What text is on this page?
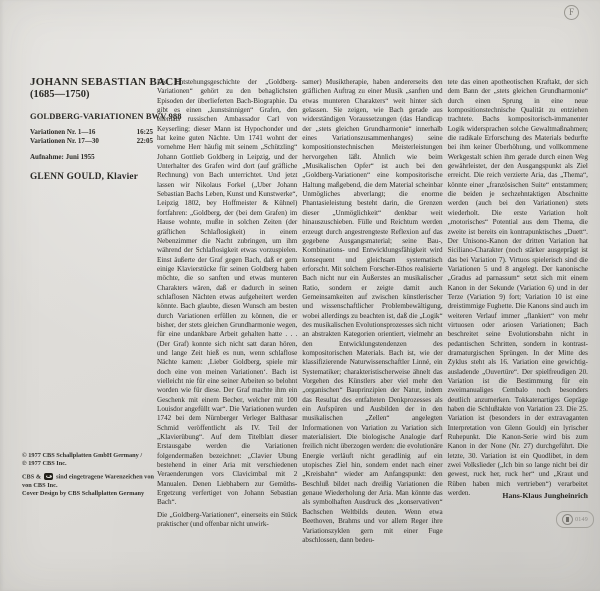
F
JOHANN SEBASTIAN BACH
(1685—1750)
GOLDBERG-VARIATIONEN BWV 988
Variationen Nr. 1—16	16:25
Variationen Nr. 17—30	22:05
Aufnahme: Juni 1955
GLENN GOULD, Klavier

Die Entstehungsgeschichte der „Goldberg-Variationen“ gehört zu den behaglichsten Episoden der überlieferten Bach-Biographie. Da gibt es einen „kunstsinnigen“ Grafen, den ehemals russischen Ambassador Carl von Keyserling; dieser Mann ist Hypochonder und hat keine guten Nächte. Um 1741 wohnt der vornehme Herr häufig mit seinem „Schützling“ Johann Gottlieb Goldberg in Leipzig, und der Unterhalter des Grafen wird dort (auf gräfliche Rechnung) von Bach unterrichtet. Und jetzt lassen wir Nikolaus Forkel („Uber Johann Sebastian Bachs Leben, Kunst und Kunstwerke“, Leipzig 1802, bey Hoffmeister & Kühnel) fortfahren: „Goldberg, der (bei dem Grafen) im Hause wohnte, mußte in solchen Zeiten (der gräflichen Schlaflosigkeit) in einem Nebenzimmer die Nacht zubringen, um ihm während der Schlaflosigkeit etwas vorzuspielen. Einst äußerte der Graf gegen Bach, daß er gern einige Klavierstücke für seinen Goldberg haben möchte, die so sanften und etwas munteren Charakters wären, daß er dadurch in seinen schlaflosen Nächten etwas aufgeheitert werden könnte. Bach glaubte, diesen Wunsch am besten durch Variationen erfüllen zu können, die er bisher, der stets gleichen Grundharmonie wegen, für eine undankbare Arbeit gehalten hatte . . . (Der Graf) konnte sich nicht satt daran hören, und lange Zeit hieß es nun, wenn schlaflose Nächte kamen: ‚Lieber Goldberg, spiele mir doch eine von meinen Variationen‘. Bach ist vielleicht nie für eine seiner Arbeiten so belohnt worden wie für diese. Der Graf machte ihm ein Geschenk mit einem Becher, welcher mit 100 Louisdor angefüllt war“. Die Variationen wurden 1742 bei dem Nürnberger Verleger Balthasar Schmid veröffentlicht als IV. Teil der „Klavierübung“. Auf dem Titelblatt dieser Erstausgabe werden die Variationen folgendermaßen bezeichnet: „Clavier Ubung bestehend in einer Aria mit verschiedenen Veraenderungen vors Clavicimbal mit 2 Manualen. Denen Liebhabern zur Gemüths-Ergetzung verfertiget von Johann Sebastian Bach“.

Die „Goldberg-Variationen“, einerseits ein Stück praktischer (und offenbar nicht unwirk-

samer) Musiktherapie, haben andererseits den gräflichen Auftrag zu einer Musik „sanften und etwas munteren Charakters“ weit hinter sich gelassen. Sie zeigen, wie Bach gerade aus widerständigen Voraussetzungen (das Handicap der „stets gleichen Grundharmonie“ innerhalb eines Variationszusammenhanges) seine kompositionstechnischen Meisterleistungen hervorgehen läßt. Ähnlich wie beim „Musikalischen Opfer“ ist auch bei den „Goldberg-Variationen“ eine kompositorische Haltung maßgebend, die dem Material scheinbar Unmögliches abverlangt; die enorme Phantasieleistung besteht darin, die Grenzen dieser „Unmöglichkeit“ denkbar weit hinauszuschieben. Fülle und Reichtum werden erzeugt durch angestrengteste Reflexion auf das gegebene Ausgangsmaterial; seine Bau-, Kombinations- und Entwicklungsfähigkeit wird konsequent und gleichsam systematisch erforscht. Mit solchem Forscher-Ethos realisierte Bach nicht nur ein Äußerstes an musikalischer Ratio, sondern er zeigte damit auch Gemeinsamkeiten auf zwischen künstlerischer und wissenschaftlicher Problembewältigung, wobei allerdings zu beachten ist, daß die „Logik“ des musikalischen Evolutionsprozesses sich nicht an abstrakten Kategorien orientiert, vielmehr an den Entwicklungstendenzen des kompositorischen Materials. Bach ist, wie der klassifizierende Naturwissenschaftler Linné, ein Systematiker; charakteristischerweise ähnelt das Vorgehen des Künstlers aber viel mehr den „organischen“ Bauprinzipien der Natur, indem das Resultat des entfalteten Denkprozesses als ein Aufspüren und Ausbilden der in den musikalischen „Zellen“ angelegten Informationen von Variation zu Variation sich materialisiert. Die biologische Analogie darf freilich nicht überzogen werden: die evolutionäre Energie verläuft nicht geradlinig auf ein utopisches Ziel hin, sondern endet nach einer „Kreisbahn“ wieder am Anfangspunkt: den Beschluß bildet nach dreißig Variationen die genaue Wiederholung der Aria. Man könnte das als symbolhaften Ausdruck des „konservativen“ Bachschen Weltbilds deuten. Wenn etwa Beethoven, Brahms und vor allem Reger ihre Variationszyklen gern mit einer Fuge abschlossen, dann bedeu-

tete das einen apotheotischen Kraftakt, der sich dem Bann der „stets gleichen Grundharmonie“ durch einen Sprung in eine neue kompositionstechnische Qualität zu entziehen trachtete. Bachs kompositorisch-immanenter Logik widersprachen solche Gewaltmaßnahmen; die radikale Erforschung des Materials bedurfte bei ihm keiner Überhöhung, und vollkommene Werkgestalt schien ihm gerade durch einen Weg gewährleistet, der den Ausgangspunkt als Ziel erreicht. Die reich verzierte Aria, das „Thema“, könnte einer „französischen Suite“ entstammen; die beiden je sechzehntaktigen Abschnitte werden (auch bei den Variationen) stets wiederholt. Die erste Variation holt „motorisches“ Potential aus dem Thema, die zweite ist bereits ein kontrapunktisches „Duett“. Der Unisono-Kanon der dritten Variation hat Siciliano-Charakter (noch stärker ausgeprägt ist das bei Variation 7). Virtuos spielerisch sind die Variationen 5 und 8 angelegt. Der kanonische „Gradus ad parnassum“ setzt sich mit einem Kanon in der Sekunde (Variation 6) und in der Terze (Variation 9) fort; Variation 10 ist eine dreistimmige Fughette. Die Kanons sind auch im weiteren Verlauf immer „flankiert“ von mehr virtuosen oder ariosen Variationen; Bach beschreitet seine Evolutionsbahn nicht in pedantischen Schritten, sondern in kontrast-dramaturgischen Sprüngen. In der Mitte des Zyklus steht als 16. Variation eine gewichtig-ausladende „Ouvertüre“. Der spielfreudigen 20. Variation ist die Bestimmung für ein zweimanualiges Cembalo noch besonders deutlich anzumerken. Tokkatenartiges Gepräge haben die Schlußtakte von Variation 23. Die 25. Variation ist (besonders in der extravaganten Interpretation von Glenn Gould) ein lyrischer Ruhepunkt. Die Kanon-Serie wird bis zum Kanon in der None (Nr. 27) durchgeführt. Die letzte, 30. Variation ist ein Quodlibet, in dem zwei Volkslieder („Ich bin so lange nicht bei dir gewest, ruck her, ruck her“ und „Kraut und Rüben haben mich vertrieben“) verarbeitet werden.	Hans-Klaus Jungheinrich
© 1977 CBS Schallplatten GmbH Germany /
℗ 1977 CBS Inc.
CBS & sind eingetragene Warenzeichen von
von CBS Inc.
Cover Design by CBS Schallplatten Germany
0149
